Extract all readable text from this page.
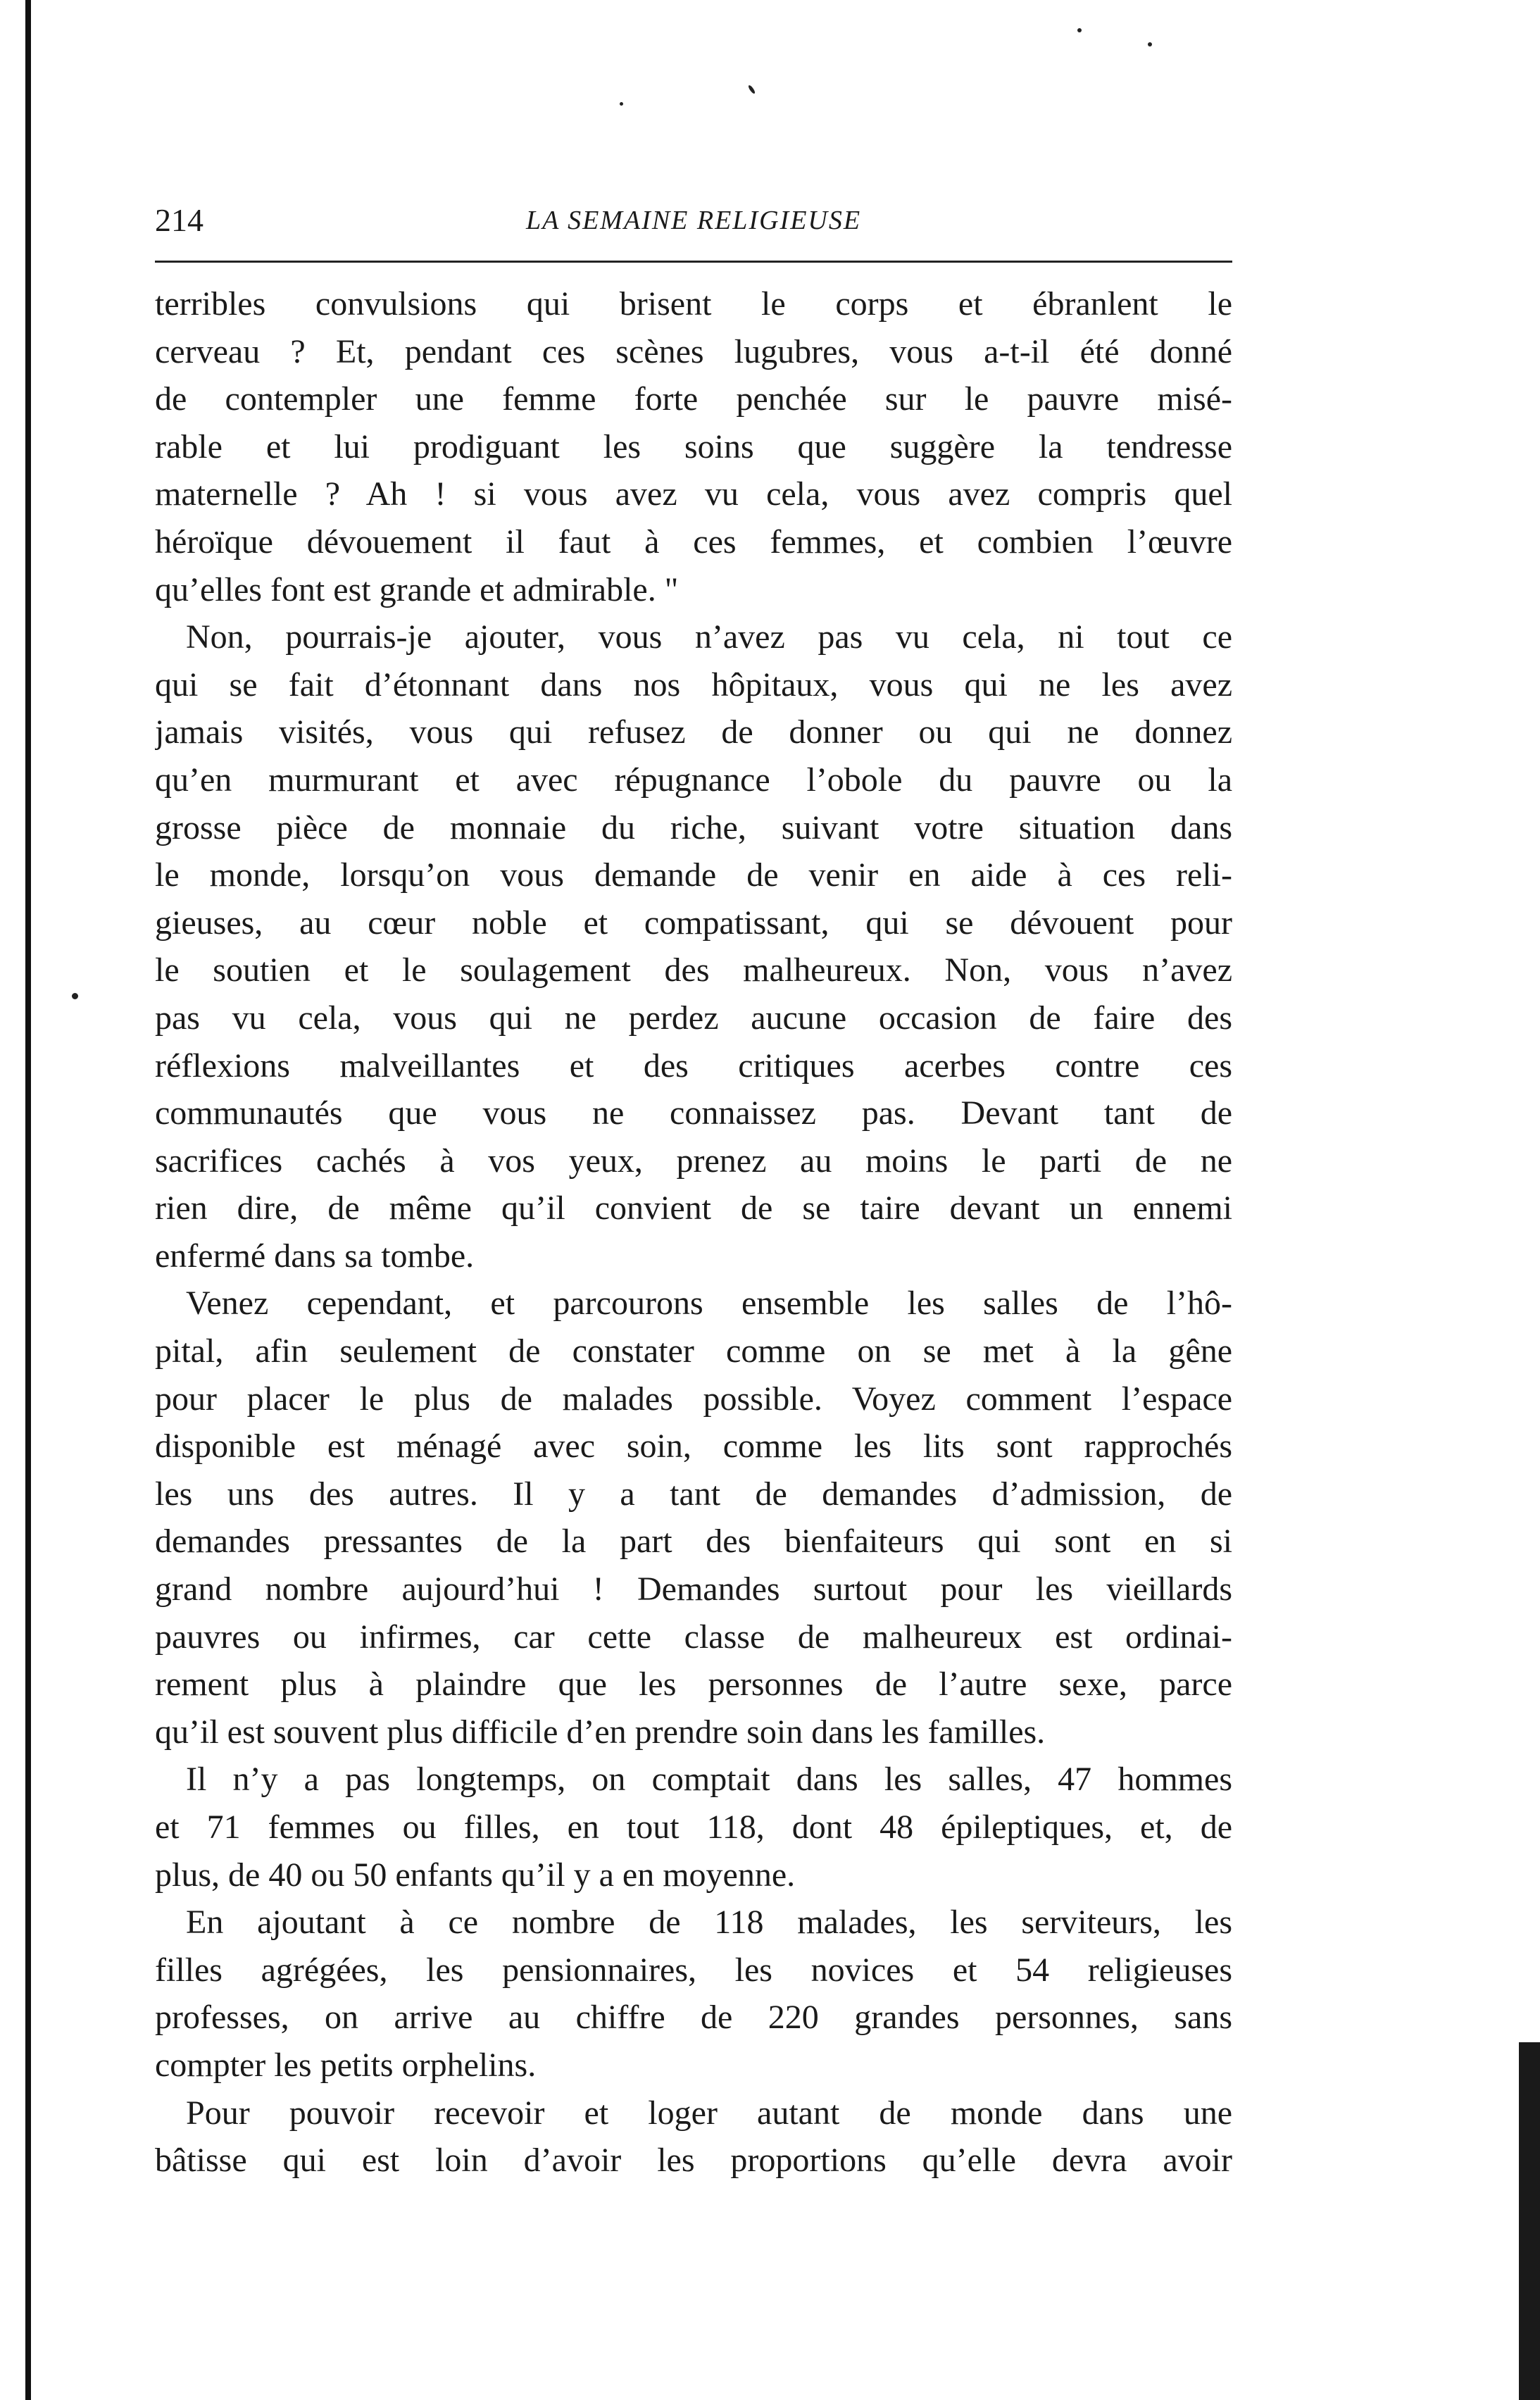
214	LA SEMAINE RELIGIEUSE
terribles convulsions qui brisent le corps et ébranlent le
cerveau ? Et, pendant ces scènes lugubres, vous a-t-il été donné
de contempler une femme forte penchée sur le pauvre misé-
rable et lui prodiguant les soins que suggère la tendresse
maternelle ? Ah ! si vous avez vu cela, vous avez compris quel
héroïque dévouement il faut à ces femmes, et combien l’œuvre
qu’elles font est grande et admirable. "
Non, pourrais-je ajouter, vous n’avez pas vu cela, ni tout ce
qui se fait d’étonnant dans nos hôpitaux, vous qui ne les avez
jamais visités, vous qui refusez de donner ou qui ne donnez
qu’en murmurant et avec répugnance l’obole du pauvre ou la
grosse pièce de monnaie du riche, suivant votre situation dans
le monde, lorsqu’on vous demande de venir en aide à ces reli-
gieuses, au cœur noble et compatissant, qui se dévouent pour
le soutien et le soulagement des malheureux. Non, vous n’avez
pas vu cela, vous qui ne perdez aucune occasion de faire des
réflexions malveillantes et des critiques acerbes contre ces
communautés que vous ne connaissez pas. Devant tant de
sacrifices cachés à vos yeux, prenez au moins le parti de ne
rien dire, de même qu’il convient de se taire devant un ennemi
enfermé dans sa tombe.
Venez cependant, et parcourons ensemble les salles de l’hô-
pital, afin seulement de constater comme on se met à la gêne
pour placer le plus de malades possible. Voyez comment l’espace
disponible est ménagé avec soin, comme les lits sont rapprochés
les uns des autres. Il y a tant de demandes d’admission, de
demandes pressantes de la part des bienfaiteurs qui sont en si
grand nombre aujourd’hui ! Demandes surtout pour les vieillards
pauvres ou infirmes, car cette classe de malheureux est ordinai-
rement plus à plaindre que les personnes de l’autre sexe, parce
qu’il est souvent plus difficile d’en prendre soin dans les familles.
Il n’y a pas longtemps, on comptait dans les salles, 47 hommes
et 71 femmes ou filles, en tout 118, dont 48 épileptiques, et, de
plus, de 40 ou 50 enfants qu’il y a en moyenne.
En ajoutant à ce nombre de 118 malades, les serviteurs, les
filles agrégées, les pensionnaires, les novices et 54 religieuses
professes, on arrive au chiffre de 220 grandes personnes, sans
compter les petits orphelins.
Pour pouvoir recevoir et loger autant de monde dans une
bâtisse qui est loin d’avoir les proportions qu’elle devra avoir
